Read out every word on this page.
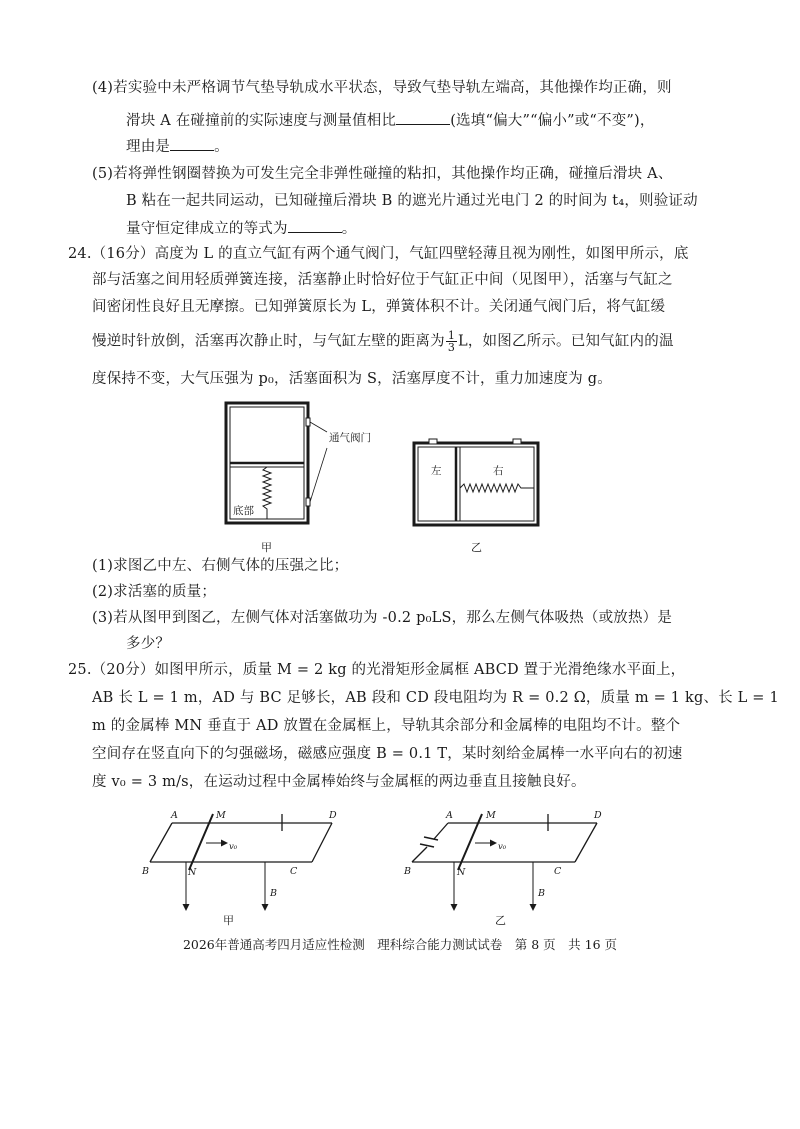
(4)若实验中未严格调节气垫导轨成水平状态，导致气垫导轨左端高，其他操作均正确，则
滑块 A 在碰撞前的实际速度与测量值相比	(选填“偏大”“偏小”或“不变”)，
理由是	。
(5)若将弹性钢圈替换为可发生完全非弹性碰撞的粘扣，其他操作均正确，碰撞后滑块 A、
B 粘在一起共同运动，已知碰撞后滑块 B 的遮光片通过光电门 2 的时间为 t₄，则验证动
量守恒定律成立的等式为	。
24.（16分）高度为 L 的直立气缸有两个通气阀门，气缸四壁轻薄且视为刚性，如图甲所示，底
部与活塞之间用轻质弹簧连接，活塞静止时恰好位于气缸正中间（见图甲），活塞与气缸之
间密闭性良好且无摩擦。已知弹簧原长为 L，弹簧体积不计。关闭通气阀门后，将气缸缓
慢逆时针放倒，活塞再次静止时，与气缸左壁的距离为 $\frac{1}{3}$ L，如图乙所示。已知气缸内的温
度保持不变，大气压强为 p₀，活塞面积为 S，活塞厚度不计，重力加速度为 g。
通气阀门
底部
甲
左	右
乙
(1)求图乙中左、右侧气体的压强之比；
(2)求活塞的质量；
(3)若从图甲到图乙，左侧气体对活塞做功为 -0.2 p₀LS，那么左侧气体吸热（或放热）是
多少？
25.（20分）如图甲所示，质量 M = 2 kg 的光滑矩形金属框 ABCD 置于光滑绝缘水平面上，
AB 长 L = 1 m，AD 与 BC 足够长，AB 段和 CD 段电阻均为 R = 0.2 Ω，质量 m = 1 kg、长 L = 1
m 的金属棒 MN 垂直于 AD 放置在金属框上，导轨其余部分和金属棒的电阻均不计。整个
空间存在竖直向下的匀强磁场，磁感应强度 B = 0.1 T，某时刻给金属棒一水平向右的初速
度 v₀ = 3 m/s，在运动过程中金属棒始终与金属框的两边垂直且接触良好。
A	M	D
B	N	C
v₀
B
甲
A	M	D
B	N	C
v₀
B
乙
2026年普通高考四月适应性检测　理科综合能力测试试卷　第 8 页　共 16 页
